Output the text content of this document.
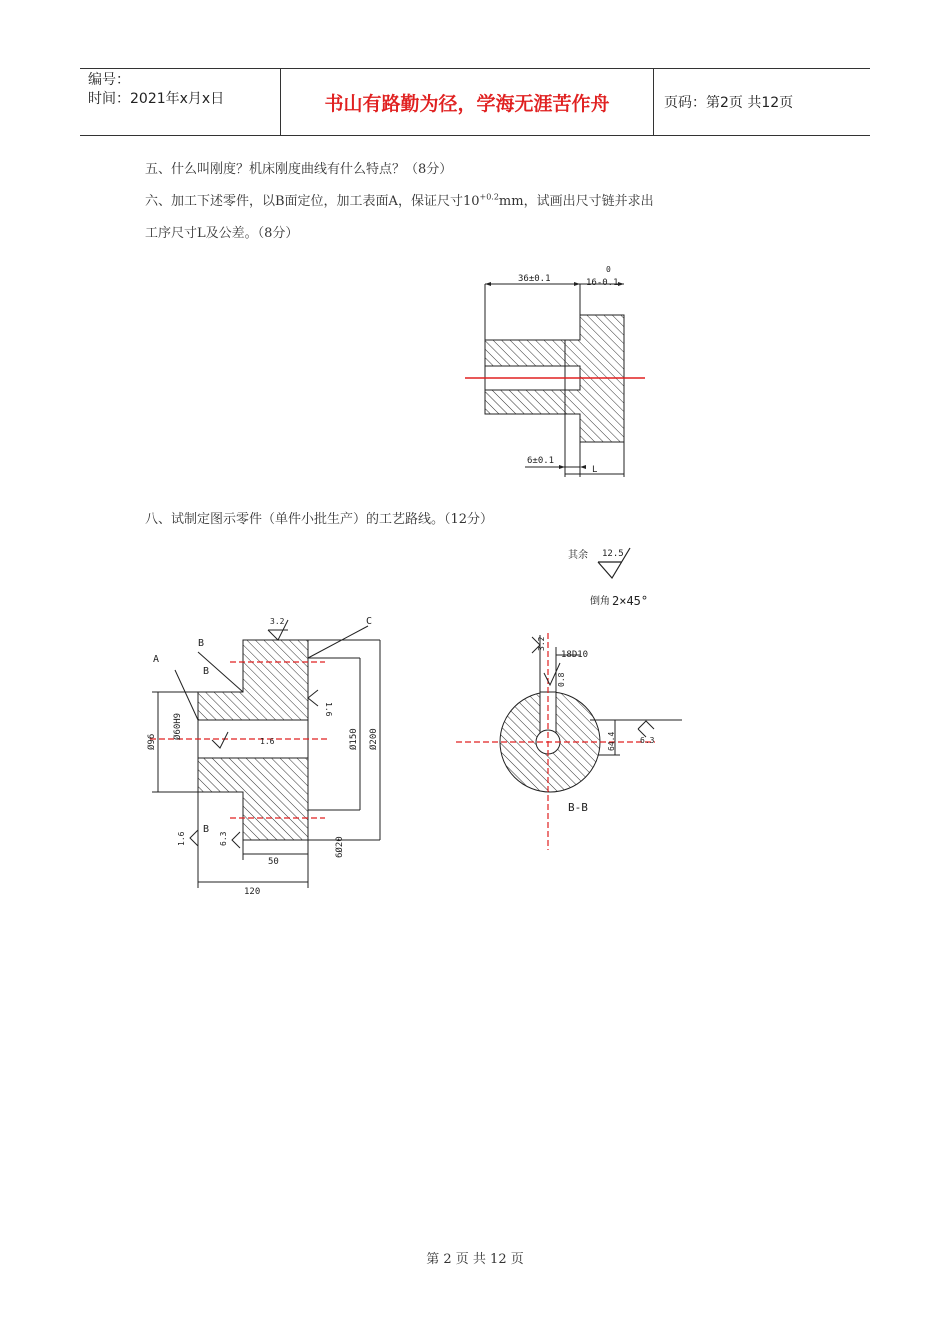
编号：
时间：2021年x月x日	书山有路勤为径，学海无涯苦作舟	页码：第2页 共12页
五、什么叫刚度？机床刚度曲线有什么特点？（8分）
六、加工下述零件，以B面定位，加工表面A，保证尺寸$10^{+0.2}mm$，试画出尺寸链并求出
工序尺寸L及公差。（8分）
八、试制定图示零件（单件小批生产）的工艺路线。（12分）
36±0.1
0
16-0.1
6±0.1
L
其余 12.5
倒角 2×45°
A
B
B
B
C
3.2
1.6
1.6
1.6	6.3
Ø96
Ø60H9	Ø150 Ø200
6Ø20
50
120
3.2
18D10
0.8
64.4	6.3
B-B
第 2 页 共 12 页
